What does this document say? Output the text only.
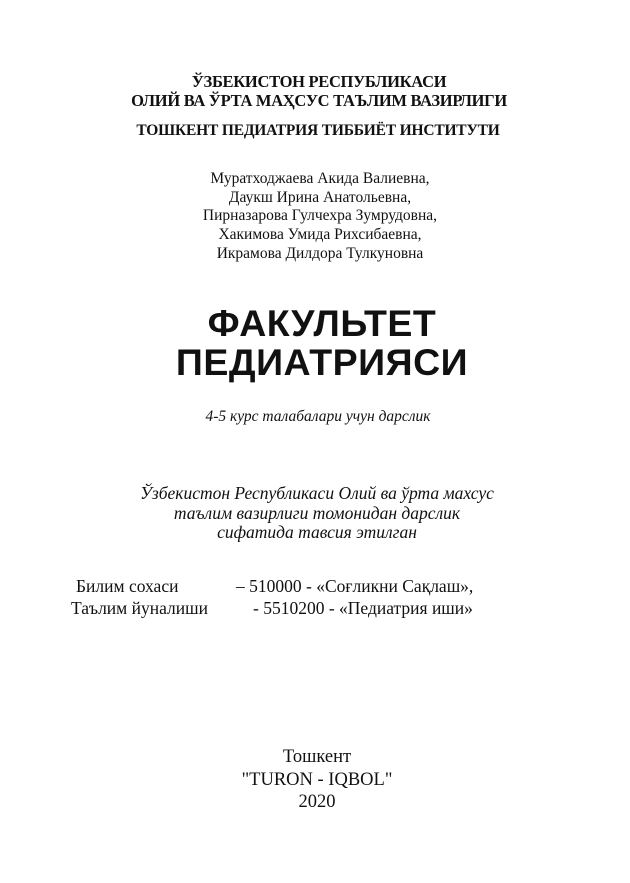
ЎЗБЕКИСТОН РЕСПУБЛИКАСИ
ОЛИЙ ВА ЎРТА МАҲСУС ТАЪЛИМ ВАЗИРЛИГИ
ТОШКЕНТ ПЕДИАТРИЯ ТИББИЁТ ИНСТИТУТИ
Муратходжаева Акида Валиевна,
Даукш Ирина Анатольевна,
Пирназарова Гулчехра Зумрудовна,
Хакимова Умида Рихсибаевна,
Икрамова Дилдора Тулкуновна
ФАКУЛЬТЕТ
ПЕДИАТРИЯСИ
4-5 курс талабалари учун дарслик
Ўзбекистон Республикаси Олий ва ўрта махсус
таълим вазирлиги томонидан дарслик
сифатида тавсия этилган
Билим сохаси	– 510000 - «Соғликни Сақлаш»,
Таълим йуналиши	- 5510200 - «Педиатрия иши»
Тошкент
"TURON - IQBOL"
2020
